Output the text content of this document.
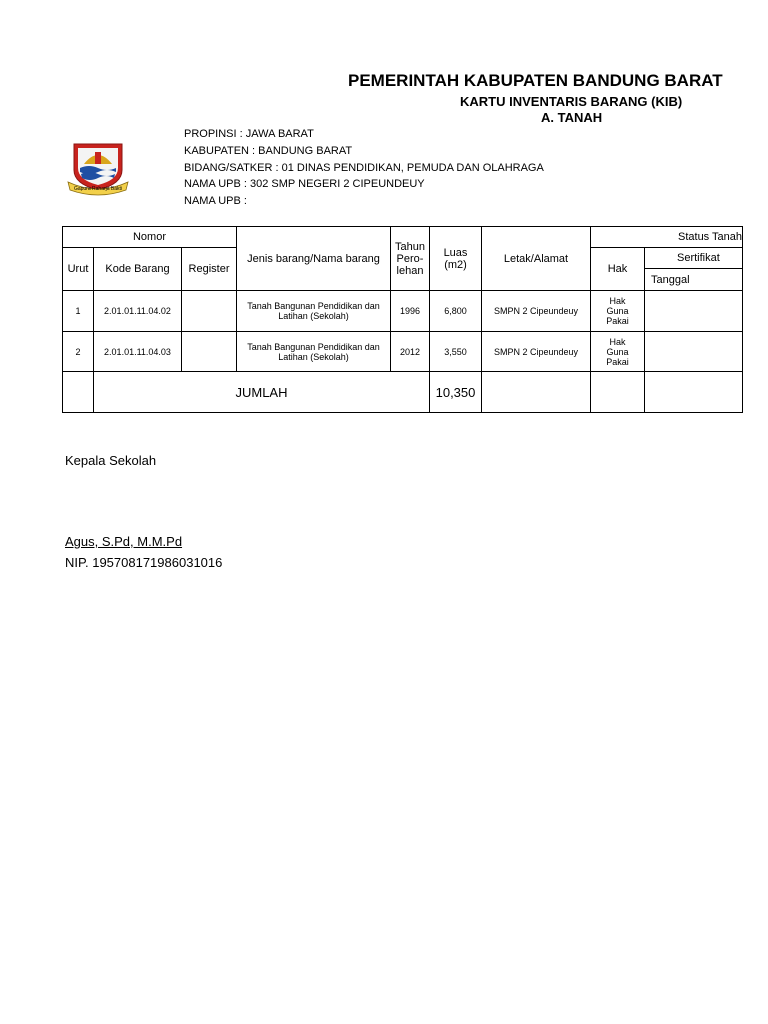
PEMERINTAH KABUPATEN BANDUNG BARAT
KARTU INVENTARIS BARANG (KIB)
A. TANAH
Gapura Raharja Bakti
PROPINSI : JAWA BARAT
KABUPATEN : BANDUNG BARAT
BIDANG/SATKER : 01 DINAS PENDIDIKAN, PEMUDA DAN OLAHRAGA
NAMA UPB : 302 SMP NEGERI 2 CIPEUNDEUY
NAMA UPB :
Nomor			Jenis barang/Nama barang	Tahun Pero- lehan	Luas (m2)	Letak/Alamat	Status Tanah	
Urut	Kode Barang	Register					Hak	Sertifikat
								Tanggal
1	2.01.01.11.04.02		Tanah Bangunan Pendidikan dan Latihan (Sekolah)	1996	6,800	SMPN 2 Cipeundeuy	Hak Guna Pakai	
2	2.01.01.11.04.03		Tanah Bangunan Pendidikan dan Latihan (Sekolah)	2012	3,550	SMPN 2 Cipeundeuy	Hak Guna Pakai	
	JUMLAH				10,350			
Kepala Sekolah
Agus, S.Pd, M.M.Pd
NIP. 195708171986031016
